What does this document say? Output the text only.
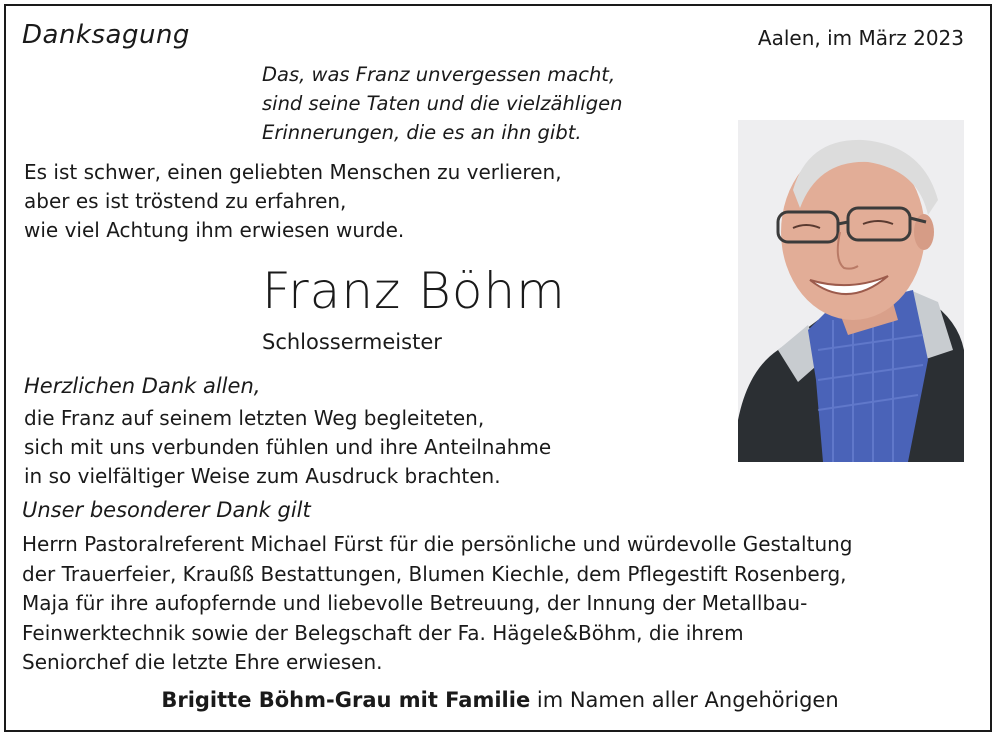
Danksagung	Aalen, im März 2023
Das, was Franz unvergessen macht,
sind seine Taten und die vielzähligen
Erinnerungen, die es an ihn gibt.
Es ist schwer, einen geliebten Menschen zu verlieren,
aber es ist tröstend zu erfahren,
wie viel Achtung ihm erwiesen wurde.
Franz Böhm
Schlossermeister
Herzlichen Dank allen,
die Franz auf seinem letzten Weg begleiteten,
sich mit uns verbunden fühlen und ihre Anteilnahme
in so vielfältiger Weise zum Ausdruck brachten.
Unser besonderer Dank gilt
Herrn Pastoralreferent Michael Fürst für die persönliche und würdevolle Gestaltung
der Trauerfeier, Kraußß Bestattungen, Blumen Kiechle, dem Pflegestift Rosenberg,
Maja für ihre aufopfernde und liebevolle Betreuung, der Innung der Metallbau-
Feinwerktechnik sowie der Belegschaft der Fa. Hägele&Böhm, die ihrem
Seniorchef die letzte Ehre erwiesen.
Brigitte Böhm-Grau mit Familie im Namen aller Angehörigen
